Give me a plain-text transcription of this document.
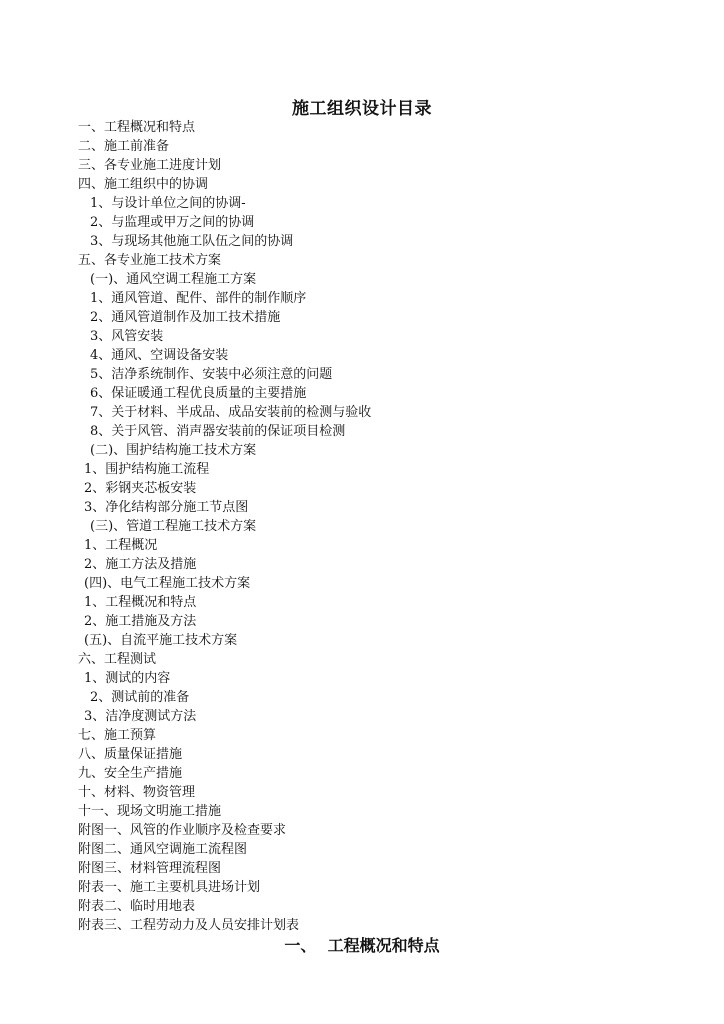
施工组织设计目录
一、工程概况和特点
二、施工前准备
三、各专业施工进度计划
四、施工组织中的协调
1、与设计单位之间的协调-
2、与监理或甲万之间的协调
3、与现场其他施工队伍之间的协调
五、各专业施工技术方案
(一)、通风空调工程施工方案
1、通风管道、配件、部件的制作顺序
2、通风管道制作及加工技术措施
3、风管安装
4、通风、空调设备安装
5、洁净系统制作、安装中必须注意的问题
6、保证暖通工程优良质量的主要措施
7、关于材料、半成品、成品安装前的检测与验收
8、关于风管、消声器安装前的保证项目检测
(二)、围护结构施工技术方案
1、围护结构施工流程
2、彩钢夹芯板安装
3、净化结构部分施工节点图
(三)、管道工程施工技术方案
1、工程概况
2、施工方法及措施
(四)、电气工程施工技术方案
1、工程概况和特点
2、施工措施及方法
(五)、自流平施工技术方案
六、工程测试
1、测试的内容
2、测试前的准备
3、洁净度测试方法
七、施工预算
八、质量保证措施
九、安全生产措施
十、材料、物资管理
十一、现场文明施工措施
附图一、风管的作业顺序及检查要求
附图二、通风空调施工流程图
附图三、材料管理流程图
附表一、施工主要机具进场计划
附表二、临时用地表
附表三、工程劳动力及人员安排计划表
一、  工程概况和特点
